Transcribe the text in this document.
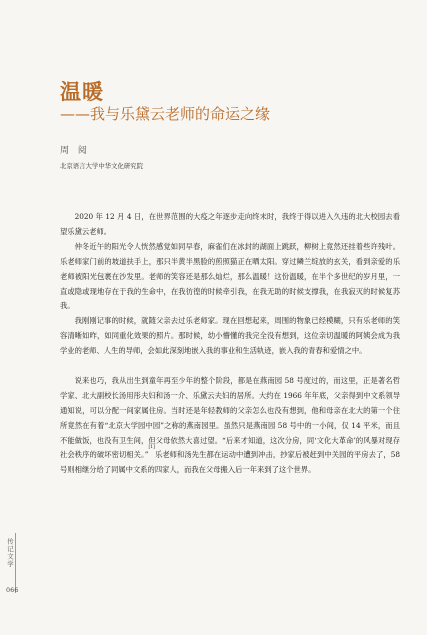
温暖
——我与乐黛云老师的命运之缘
周 阅
北京语言大学中华文化研究院

2020 年 12 月 4 日，在世界范围的大疫之年逐步走向终末时，我终于得以进入久违的北大校园去看望乐黛云老师。

仲冬近午的阳光令人恍然感觉如同早春，麻雀们在冰封的湖面上跳跃，柳树上竟然还挂着些许残叶。乐老师家门前的坡道扶手上，那只半黄半黑脸的煎照猫正在晒太阳。穿过鳞兰绽放的玄关，看到亲爱的乐老师被阳光包裹在沙发里。老师的笑容还是那么灿烂，那么温暖！这份温暖，在半个多世纪的岁月里，一直或隐或现地存在于我的生命中，在我彷徨的时候牵引我，在我无助的时候支撑我，在我寂灭的时候复苏我。

我刚刚记事的时候，就随父亲去过乐老师家。现在回想起来，周围的物象已经模糊，只有乐老师的笑容清晰如昨，如同重化效果的照片。那时候，幼小懵懂的我完全没有想到，这位亲切温暖的阿姨会成为我学业的老师、人生的导师，会如此深刻地嵌入我的事业和生活轨迹，嵌入我的青春和爱情之中。

说来也巧，我从出生到童年再至少年的整个阶段，都是在燕南园 58 号度过的，而这里，正是著名哲学家、北大副校长汤用彤夫妇和汤一介、乐黛云夫妇的居所。大约在 1966 年年底，父亲得到中文系领导通知说，可以分配一间家属住房。当时还是年轻教师的父亲怎么也没有想到，他和母亲在北大的第一个住所竟然在有着“北京大学园中园”之称的燕南园里。虽然只是燕南园 58 号中的一小间，仅 14 平米，而且不能做饭，也没有卫生间，但父母依然大喜过望。“后来才知道，这次分房，同‘文化大革命’的风暴对现存社会秩序的破坏密切相关。”[1]乐老师和汤先生都在运动中遭到冲击，抄家后被赶到中关园的平房去了，58 号则相继分给了同属中文系的四家人，而我在父母搬入后一年来到了这个世界。

传记文学
066
